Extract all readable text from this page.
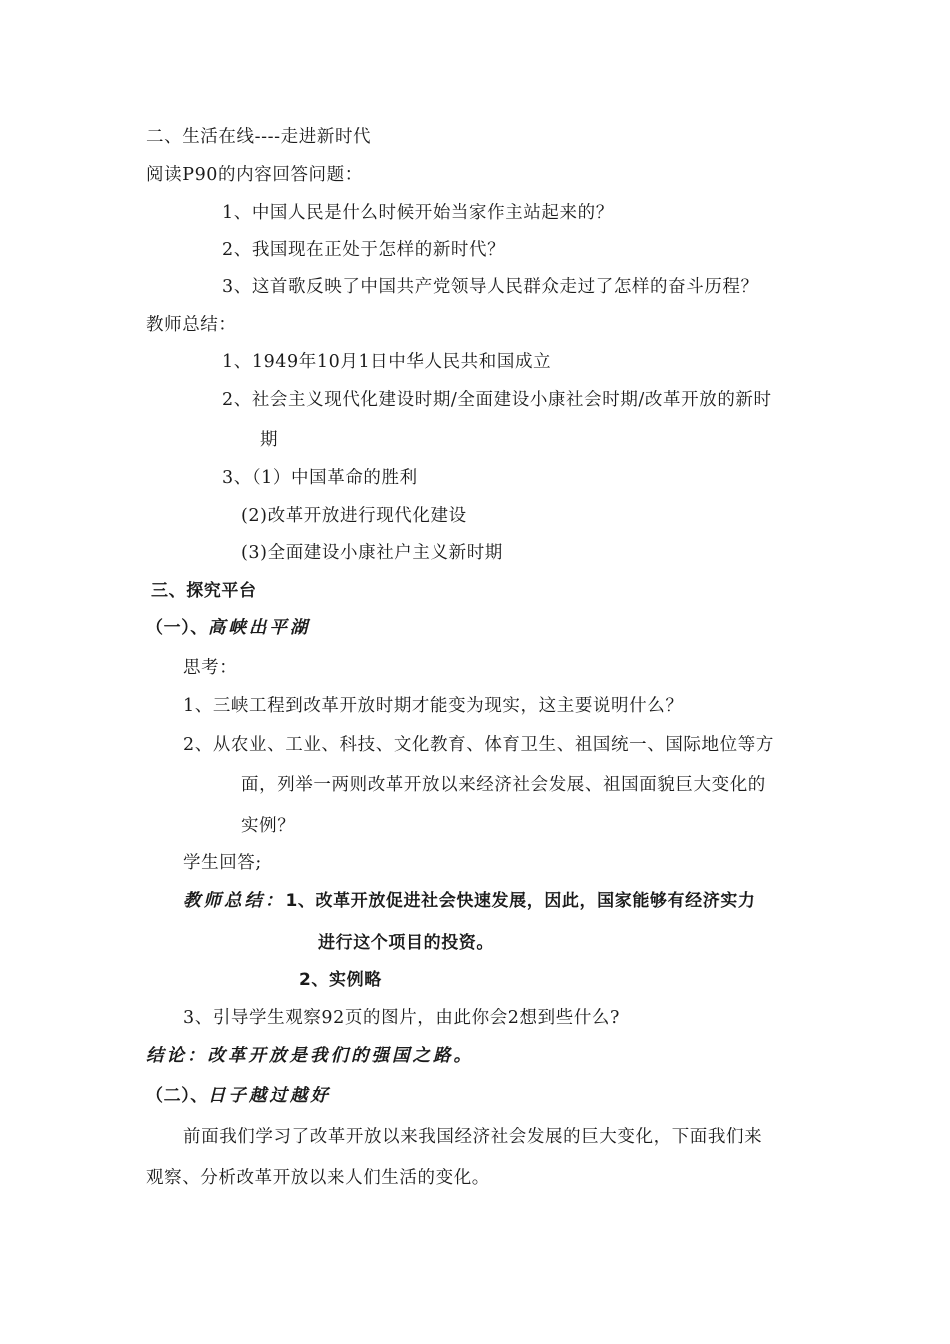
二、生活在线----走进新时代
阅读P90的内容回答问题：
1、中国人民是什么时候开始当家作主站起来的？
2、我国现在正处于怎样的新时代？
3、这首歌反映了中国共产党领导人民群众走过了怎样的奋斗历程？
教师总结：
1、1949年10月1日中华人民共和国成立
2、社会主义现代化建设时期/全面建设小康社会时期/改革开放的新时
期
3、（1）中国革命的胜利
(2)改革开放进行现代化建设
(3)全面建设小康社户主义新时期
三、探究平台
（一）、高峡出平湖
思考：
1、三峡工程到改革开放时期才能变为现实，这主要说明什么？
2、从农业、工业、科技、文化教育、体育卫生、祖国统一、国际地位等方
面，列举一两则改革开放以来经济社会发展、祖国面貌巨大变化的
实例？
学生回答;
教师总结：1、改革开放促进社会快速发展，因此，国家能够有经济实力
进行这个项目的投资。
2、实例略
3、引导学生观察92页的图片，由此你会2想到些什么?
结论：改革开放是我们的强国之路。
（二）、日子越过越好
前面我们学习了改革开放以来我国经济社会发展的巨大变化，下面我们来
观察、分析改革开放以来人们生活的变化。
